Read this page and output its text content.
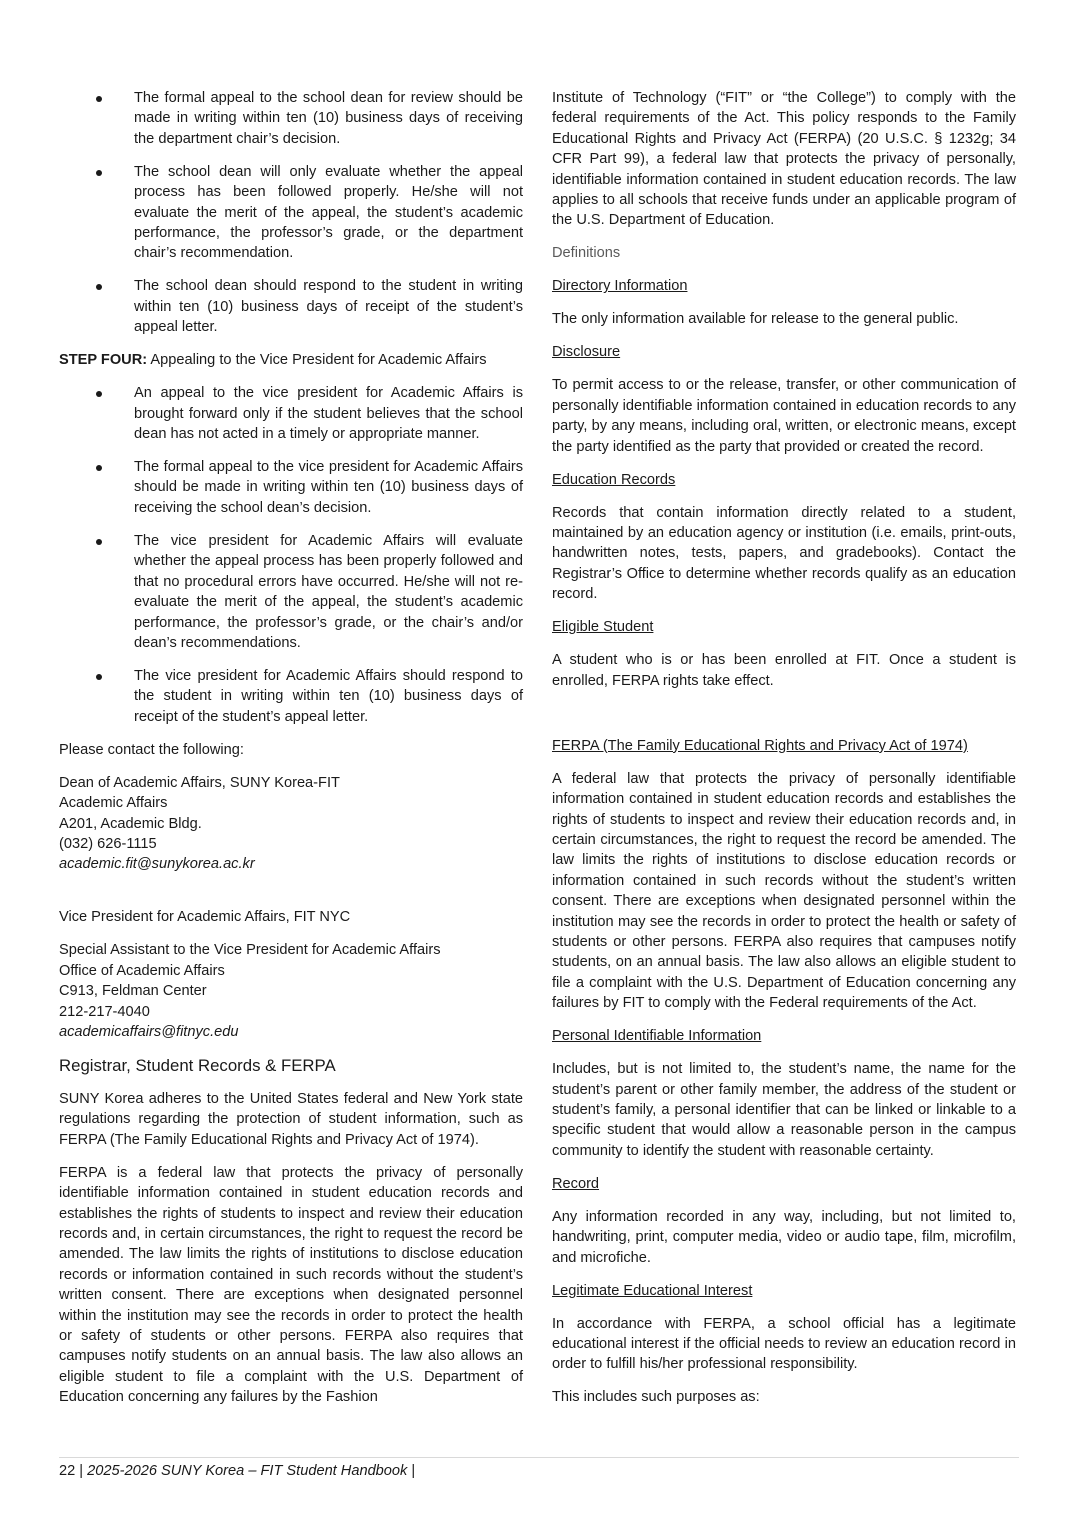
The formal appeal to the school dean for review should be made in writing within ten (10) business days of receiving the department chair’s decision.
The school dean will only evaluate whether the appeal process has been followed properly. He/she will not evaluate the merit of the appeal, the student’s academic performance, the professor’s grade, or the department chair’s recommendation.
The school dean should respond to the student in writing within ten (10) business days of receipt of the student’s appeal letter.
STEP FOUR: Appealing to the Vice President for Academic Affairs
An appeal to the vice president for Academic Affairs is brought forward only if the student believes that the school dean has not acted in a timely or appropriate manner.
The formal appeal to the vice president for Academic Affairs should be made in writing within ten (10) business days of receiving the school dean’s decision.
The vice president for Academic Affairs will evaluate whether the appeal process has been properly followed and that no procedural errors have occurred. He/she will not re-evaluate the merit of the appeal, the student’s academic performance, the professor’s grade, or the chair’s and/or dean’s recommendations.
The vice president for Academic Affairs should respond to the student in writing within ten (10) business days of receipt of the student’s appeal letter.

Please contact the following:

Dean of Academic Affairs, SUNY Korea-FIT
Academic Affairs
A201, Academic Bldg.
(032) 626-1115
academic.fit@sunykorea.ac.kr

Vice President for Academic Affairs, FIT NYC

Special Assistant to the Vice President for Academic Affairs
Office of Academic Affairs
C913, Feldman Center
212-217-4040
academicaffairs@fitnyc.edu
Registrar, Student Records & FERPA

SUNY Korea adheres to the United States federal and New York state regulations regarding the protection of student information, such as FERPA (The Family Educational Rights and Privacy Act of 1974).

FERPA is a federal law that protects the privacy of personally identifiable information contained in student education records and establishes the rights of students to inspect and review their education records and, in certain circumstances, the right to request the record be amended. The law limits the rights of institutions to disclose education records or information contained in such records without the student’s written consent. There are exceptions when designated personnel within the institution may see the records in order to protect the health or safety of students or other persons. FERPA also requires that campuses notify students on an annual basis. The law also allows an eligible student to file a complaint with the U.S. Department of Education concerning any failures by the Fashion

Institute of Technology (“FIT” or “the College”) to comply with the federal requirements of the Act. This policy responds to the Family Educational Rights and Privacy Act (FERPA) (20 U.S.C. § 1232g; 34 CFR Part 99), a federal law that protects the privacy of personally, identifiable information contained in student education records. The law applies to all schools that receive funds under an applicable program of the U.S. Department of Education.

Definitions

Directory Information

The only information available for release to the general public.

Disclosure

To permit access to or the release, transfer, or other communication of personally identifiable information contained in education records to any party, by any means, including oral, written, or electronic means, except the party identified as the party that provided or created the record.

Education Records

Records that contain information directly related to a student, maintained by an education agency or institution (i.e. emails, print-outs, handwritten notes, tests, papers, and gradebooks). Contact the Registrar’s Office to determine whether records qualify as an education record.

Eligible Student

A student who is or has been enrolled at FIT. Once a student is enrolled, FERPA rights take effect.

FERPA (The Family Educational Rights and Privacy Act of 1974)

A federal law that protects the privacy of personally identifiable information contained in student education records and establishes the rights of students to inspect and review their education records and, in certain circumstances, the right to request the record be amended. The law limits the rights of institutions to disclose education records or information contained in such records without the student’s written consent. There are exceptions when designated personnel within the institution may see the records in order to protect the health or safety of students or other persons. FERPA also requires that campuses notify students, on an annual basis. The law also allows an eligible student to file a complaint with the U.S. Department of Education concerning any failures by FIT to comply with the Federal requirements of the Act.

Personal Identifiable Information

Includes, but is not limited to, the student’s name, the name for the student’s parent or other family member, the address of the student or student’s family, a personal identifier that can be linked or linkable to a specific student that would allow a reasonable person in the campus community to identify the student with reasonable certainty.

Record

Any information recorded in any way, including, but not limited to, handwriting, print, computer media, video or audio tape, film, microfilm, and microfiche.

Legitimate Educational Interest

In accordance with FERPA, a school official has a legitimate educational interest if the official needs to review an education record in order to fulfill his/her professional responsibility.

This includes such purposes as:

22 | 2025-2026 SUNY Korea – FIT Student Handbook |
